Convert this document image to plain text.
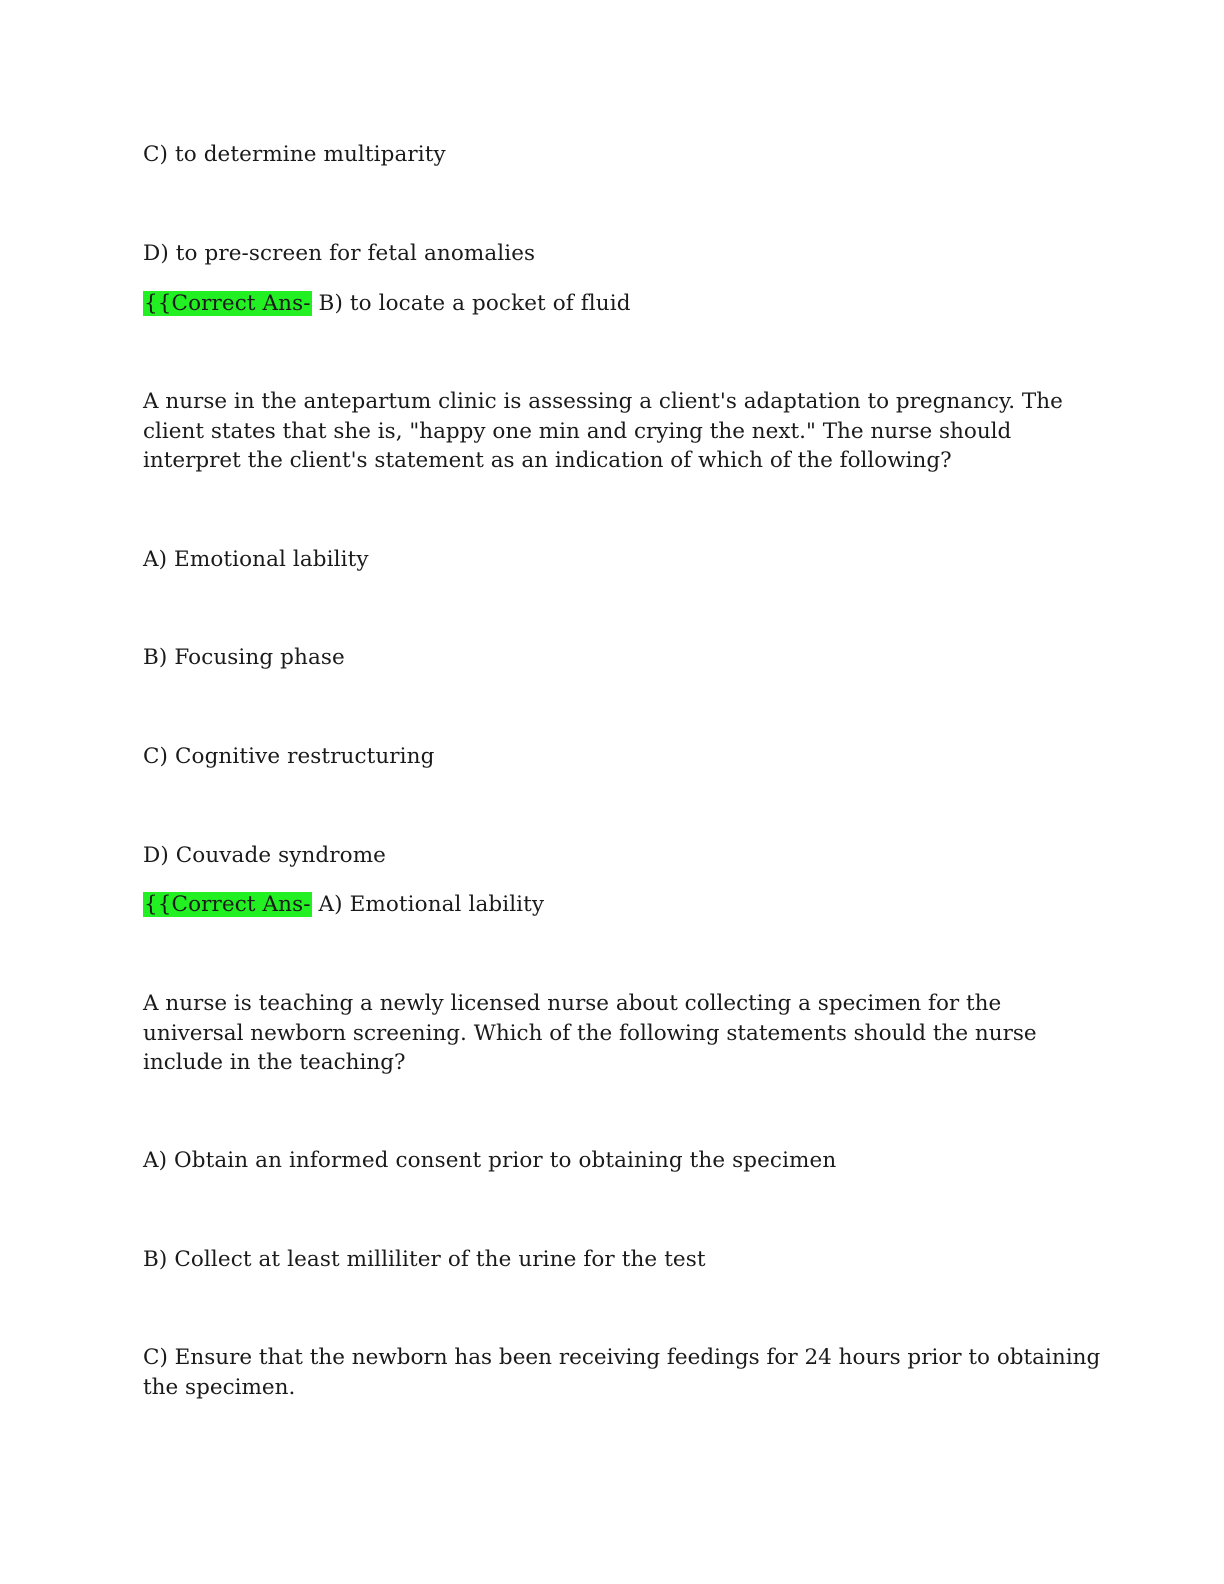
C) to determine multiparity
D) to pre-screen for fetal anomalies
{{Correct Ans- B) to locate a pocket of fluid
A nurse in the antepartum clinic is assessing a client's adaptation to pregnancy. The
client states that she is, "happy one min and crying the next." The nurse should
interpret the client's statement as an indication of which of the following?
A) Emotional lability
B) Focusing phase
C) Cognitive restructuring
D) Couvade syndrome
{{Correct Ans- A) Emotional lability
A nurse is teaching a newly licensed nurse about collecting a specimen for the
universal newborn screening. Which of the following statements should the nurse
include in the teaching?
A) Obtain an informed consent prior to obtaining the specimen
B) Collect at least milliliter of the urine for the test
C) Ensure that the newborn has been receiving feedings for 24 hours prior to obtaining
the specimen.
